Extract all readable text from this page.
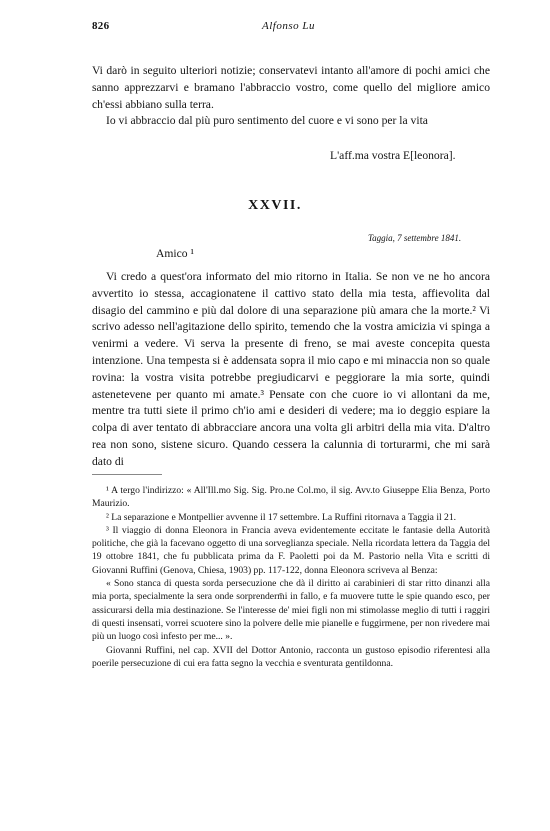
826	Alfonso Lu

Vi darò in seguito ulteriori notizie; conservatevi intanto all'amore di pochi amici che sanno apprezzarvi e bramano l'abbraccio vostro, come quello del migliore amico ch'essi abbiano sulla terra.

Io vi abbraccio dal più puro sentimento del cuore e vi sono per la vita

L'aff.ma vostra E[leonora].
XXVII.
Taggia, 7 settembre 1841.
Amico ¹

Vi credo a quest'ora informato del mio ritorno in Italia. Se non ve ne ho ancora avvertito io stessa, accagionatene il cattivo stato della mia testa, affievolita dal disagio del cammino e più dal dolore di una separazione più amara che la morte.² Vi scrivo adesso nell'agitazione dello spirito, temendo che la vostra amicizia vi spinga a venirmi a vedere. Vi serva la presente di freno, se mai aveste concepita questa intenzione. Una tempesta si è addensata sopra il mio capo e mi minaccia non so quale rovina: la vostra visita potrebbe pregiudicarvi e peggiorare la mia sorte, quindi astenetevene per quanto mi amate.³ Pensate con che cuore io vi allontani da me, mentre tra tutti siete il primo ch'io ami e desideri di vedere; ma io deggio espiare la colpa di aver tentato di abbracciare ancora una volta gli arbitri della mia vita. D'altro rea non sono, sistene sicuro. Quando cessera la calunnia di torturarmi, che mi sarà dato di

¹ A tergo l'indirizzo: « All'Ill.mo Sig. Sig. Pro.ne Col.mo, il sig. Avv.to Giuseppe Elia Benza, Porto Maurizio.

² La separazione e Montpellier avvenne il 17 settembre. La Ruffini ritornava a Taggia il 21.

³ Il viaggio di donna Eleonora in Francia aveva evidentemente eccitate le fantasie della Autorità politiche, che già la facevano oggetto di una sorveglianza speciale. Nella ricordata lettera da Taggia del 19 ottobre 1841, che fu pubblicata prima da F. Paoletti poi da M. Pastorio nella Vita e scritti di Giovanni Ruffini (Genova, Chiesa, 1903) pp. 117-122, donna Eleonora scriveva al Benza:

« Sono stanca di questa sorda persecuzione che dà il diritto ai carabinieri di star ritto dinanzi alla mia porta, specialmente la sera onde sorprenderm̄i in fallo, e fa muovere tutte le spie quando esco, per assicurarsi della mia destinazione. Se l'interesse de' miei figli non mi stimolasse meglio di tutti i raggiri di questi insensati, vorrei scuotere sino la polvere delle mie pianelle e fuggirmene, per non rivedere mai più un luogo così infesto per me... ».

Giovanni Ruffini, nel cap. XVII del Dottor Antonio, racconta un gustoso episodio riferentesi alla poerile persecuzione di cui era fatta segno la vecchia e sventurata gentildonna.
